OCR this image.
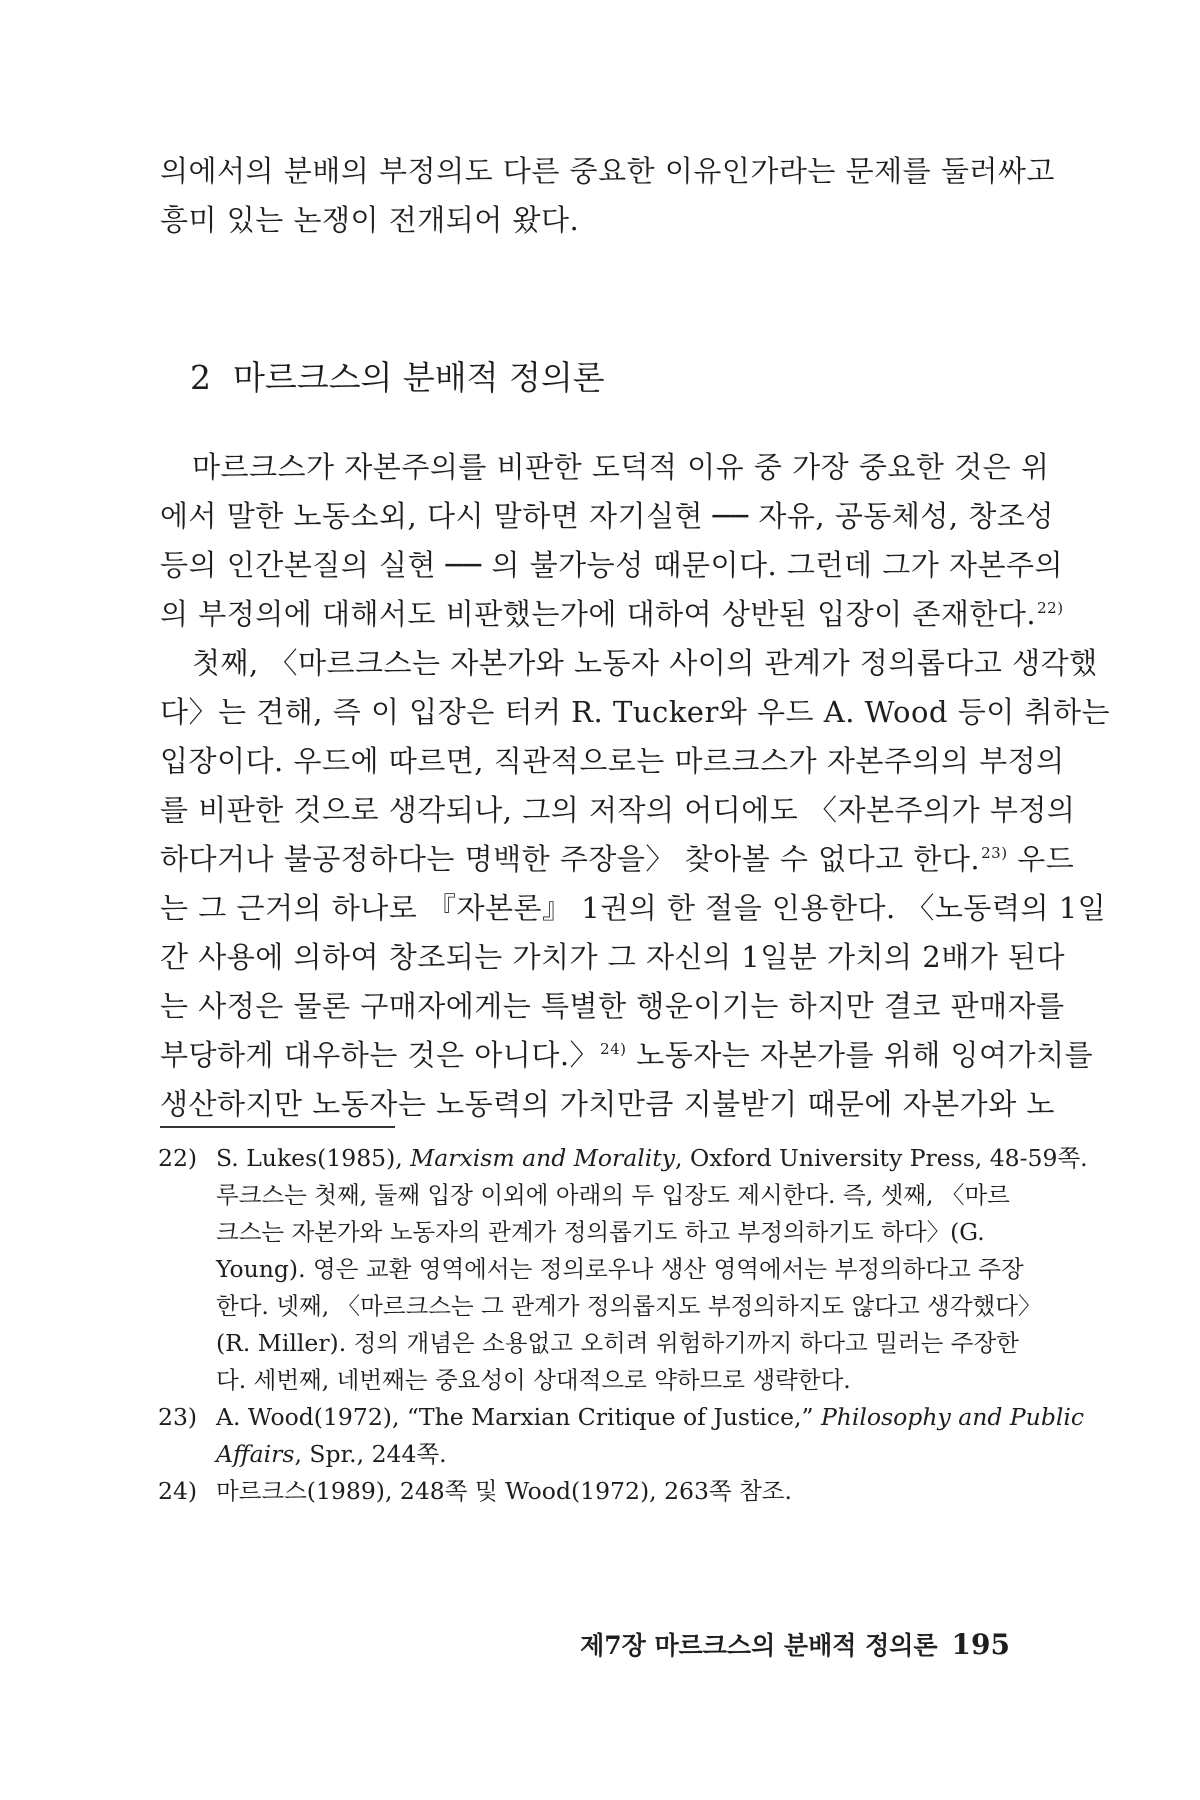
의에서의 분배의 부정의도 다른 중요한 이유인가라는 문제를 둘러싸고
흥미 있는 논쟁이 전개되어 왔다.

2 마르크스의 분배적 정의론

마르크스가 자본주의를 비판한 도덕적 이유 중 가장 중요한 것은 위
에서 말한 노동소외, 다시 말하면 자기실현 ── 자유, 공동체성, 창조성
등의 인간본질의 실현 ── 의 불가능성 때문이다. 그런데 그가 자본주의
의 부정의에 대해서도 비판했는가에 대하여 상반된 입장이 존재한다.$^{22)}$

첫째, 〈마르크스는 자본가와 노동자 사이의 관계가 정의롭다고 생각했
다〉는 견해, 즉 이 입장은 터커 R. Tucker와 우드 A. Wood 등이 취하는
입장이다. 우드에 따르면, 직관적으로는 마르크스가 자본주의의 부정의
를 비판한 것으로 생각되나, 그의 저작의 어디에도 〈자본주의가 부정의
하다거나 불공정하다는 명백한 주장을〉 찾아볼 수 없다고 한다.$^{23)}$ 우드
는 그 근거의 하나로 『자본론』 1권의 한 절을 인용한다. 〈노동력의 1일
간 사용에 의하여 창조되는 가치가 그 자신의 1일분 가치의 2배가 된다
는 사정은 물론 구매자에게는 특별한 행운이기는 하지만 결코 판매자를
부당하게 대우하는 것은 아니다.〉$^{24)}$ 노동자는 자본가를 위해 잉여가치를
생산하지만 노동자는 노동력의 가치만큼 지불받기 때문에 자본가와 노

22) S. Lukes(1985), Marxism and Morality, Oxford University Press, 48-59쪽.
루크스는 첫째, 둘째 입장 이외에 아래의 두 입장도 제시한다. 즉, 셋째, 〈마르
크스는 자본가와 노동자의 관계가 정의롭기도 하고 부정의하기도 하다〉(G.
Young). 영은 교환 영역에서는 정의로우나 생산 영역에서는 부정의하다고 주장
한다. 넷째, 〈마르크스는 그 관계가 정의롭지도 부정의하지도 않다고 생각했다〉
(R. Miller). 정의 개념은 소용없고 오히려 위험하기까지 하다고 밀러는 주장한
다. 세번째, 네번째는 중요성이 상대적으로 약하므로 생략한다.
23) A. Wood(1972), “The Marxian Critique of Justice,” Philosophy and Public
Affairs, Spr., 244쪽.
24) 마르크스(1989), 248쪽 및 Wood(1972), 263쪽 참조.
제7장 마르크스의 분배적 정의론 195
